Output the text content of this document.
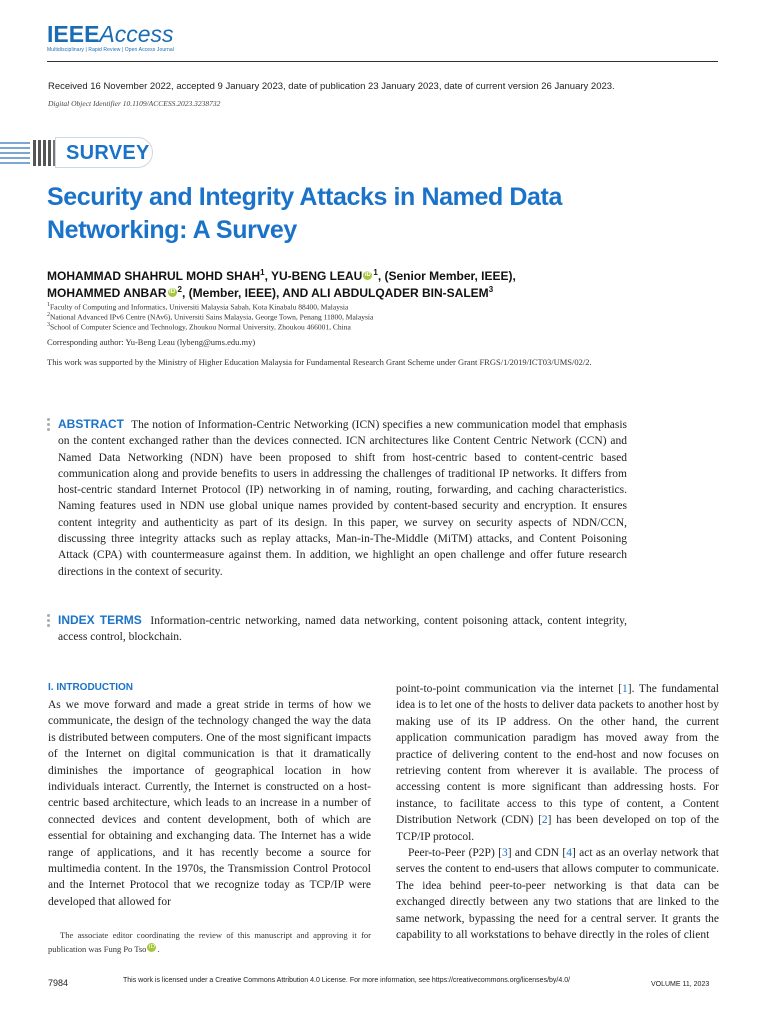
IEEEAccess
Multidisciplinary | Rapid Review | Open Access Journal
Received 16 November 2022, accepted 9 January 2023, date of publication 23 January 2023, date of current version 26 January 2023.
Digital Object Identifier 10.1109/ACCESS.2023.3238732
SURVEY
Security and Integrity Attacks in Named Data Networking: A Survey
MOHAMMAD SHAHRUL MOHD SHAH$^1$, YU-BENG LEAU iD $^1$, (Senior Member, IEEE),
MOHAMMED ANBAR iD $^2$, (Member, IEEE), AND ALI ABDULQADER BIN-SALEM$^3$
$^1$Faculty of Computing and Informatics, Universiti Malaysia Sabah, Kota Kinabalu 88400, Malaysia
$^2$National Advanced IPv6 Centre (NAv6), Universiti Sains Malaysia, George Town, Penang 11800, Malaysia
$^3$School of Computer Science and Technology, Zhoukou Normal University, Zhoukou 466001, China
Corresponding author: Yu-Beng Leau (lybeng@ums.edu.my)
This work was supported by the Ministry of Higher Education Malaysia for Fundamental Research Grant Scheme under Grant FRGS/1/2019/ICT03/UMS/02/2.
ABSTRACT The notion of Information-Centric Networking (ICN) specifies a new communication model that emphasis on the content exchanged rather than the devices connected. ICN architectures like Content Centric Network (CCN) and Named Data Networking (NDN) have been proposed to shift from host-centric based to content-centric based communication along and provide benefits to users in addressing the challenges of traditional IP networks. It differs from host-centric standard Internet Protocol (IP) networking in of naming, routing, forwarding, and caching characteristics. Naming features used in NDN use global unique names provided by content-based security and encryption. It ensures content integrity and authenticity as part of its design. In this paper, we survey on security aspects of NDN/CCN, discussing three integrity attacks such as replay attacks, Man-in-The-Middle (MiTM) attacks, and Content Poisoning Attack (CPA) with countermeasure against them. In addition, we highlight an open challenge and offer future research directions in the context of security.
INDEX TERMS Information-centric networking, named data networking, content poisoning attack, content integrity, access control, blockchain.
I. INTRODUCTION
As we move forward and made a great stride in terms of how we communicate, the design of the technology changed the way the data is distributed between computers. One of the most significant impacts of the Internet on digital communication is that it dramatically diminishes the importance of geographical location in how individuals interact. Currently, the Internet is constructed on a host-centric based architecture, which leads to an increase in a number of connected devices and content development, both of which are essential for obtaining and exchanging data. The Internet has a wide range of applications, and it has recently become a source for multimedia content. In the 1970s, the Transmission Control Protocol and the Internet Protocol that we recognize today as TCP/IP were developed that allowed for
point-to-point communication via the internet [1]. The fundamental idea is to let one of the hosts to deliver data packets to another host by making use of its IP address. On the other hand, the current application communication paradigm has moved away from the practice of delivering content to the end-host and now focuses on retrieving content from wherever it is available. The process of accessing content is more significant than addressing hosts. For instance, to facilitate access to this type of content, a Content Distribution Network (CDN) [2] has been developed on top of the TCP/IP protocol.
Peer-to-Peer (P2P) [3] and CDN [4] act as an overlay network that serves the content to end-users that allows computer to communicate. The idea behind peer-to-peer networking is that data can be exchanged directly between any two stations that are linked to the same network, bypassing the need for a central server. It grants the capability to all workstations to behave directly in the roles of client
The associate editor coordinating the review of this manuscript and approving it for publication was Fung Po Tso iD .
7984	This work is licensed under a Creative Commons Attribution 4.0 License. For more information, see https://creativecommons.org/licenses/by/4.0/
VOLUME 11, 2023
